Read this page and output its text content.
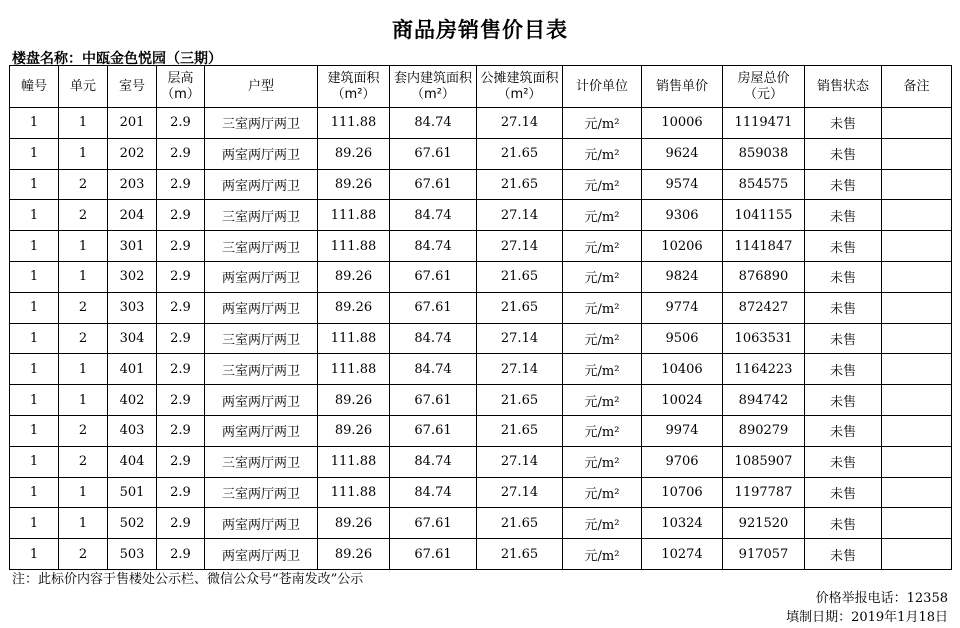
商品房销售价目表
楼盘名称：中瓯金色悦园（三期）
幢号	单元	室号	层高（m）	户型	建筑面积（m²）	套内建筑面积（m²）	公摊建筑面积（m²）	计价单位	销售单价	房屋总价（元）	销售状态	备注
1	1	201	2.9	三室两厅两卫	111.88	84.74	27.14	元/m²	10006	1119471	未售	
1	1	202	2.9	两室两厅两卫	89.26	67.61	21.65	元/m²	9624	859038	未售	
1	2	203	2.9	两室两厅两卫	89.26	67.61	21.65	元/m²	9574	854575	未售	
1	2	204	2.9	三室两厅两卫	111.88	84.74	27.14	元/m²	9306	1041155	未售	
1	1	301	2.9	三室两厅两卫	111.88	84.74	27.14	元/m²	10206	1141847	未售	
1	1	302	2.9	两室两厅两卫	89.26	67.61	21.65	元/m²	9824	876890	未售	
1	2	303	2.9	两室两厅两卫	89.26	67.61	21.65	元/m²	9774	872427	未售	
1	2	304	2.9	三室两厅两卫	111.88	84.74	27.14	元/m²	9506	1063531	未售	
1	1	401	2.9	三室两厅两卫	111.88	84.74	27.14	元/m²	10406	1164223	未售	
1	1	402	2.9	两室两厅两卫	89.26	67.61	21.65	元/m²	10024	894742	未售	
1	2	403	2.9	两室两厅两卫	89.26	67.61	21.65	元/m²	9974	890279	未售	
1	2	404	2.9	三室两厅两卫	111.88	84.74	27.14	元/m²	9706	1085907	未售	
1	1	501	2.9	三室两厅两卫	111.88	84.74	27.14	元/m²	10706	1197787	未售	
1	1	502	2.9	两室两厅两卫	89.26	67.61	21.65	元/m²	10324	921520	未售	
1	2	503	2.9	两室两厅两卫	89.26	67.61	21.65	元/m²	10274	917057	未售	
注：此标价内容于售楼处公示栏、微信公众号“苍南发改”公示
价格举报电话：12358
填制日期：2019年1月18日
